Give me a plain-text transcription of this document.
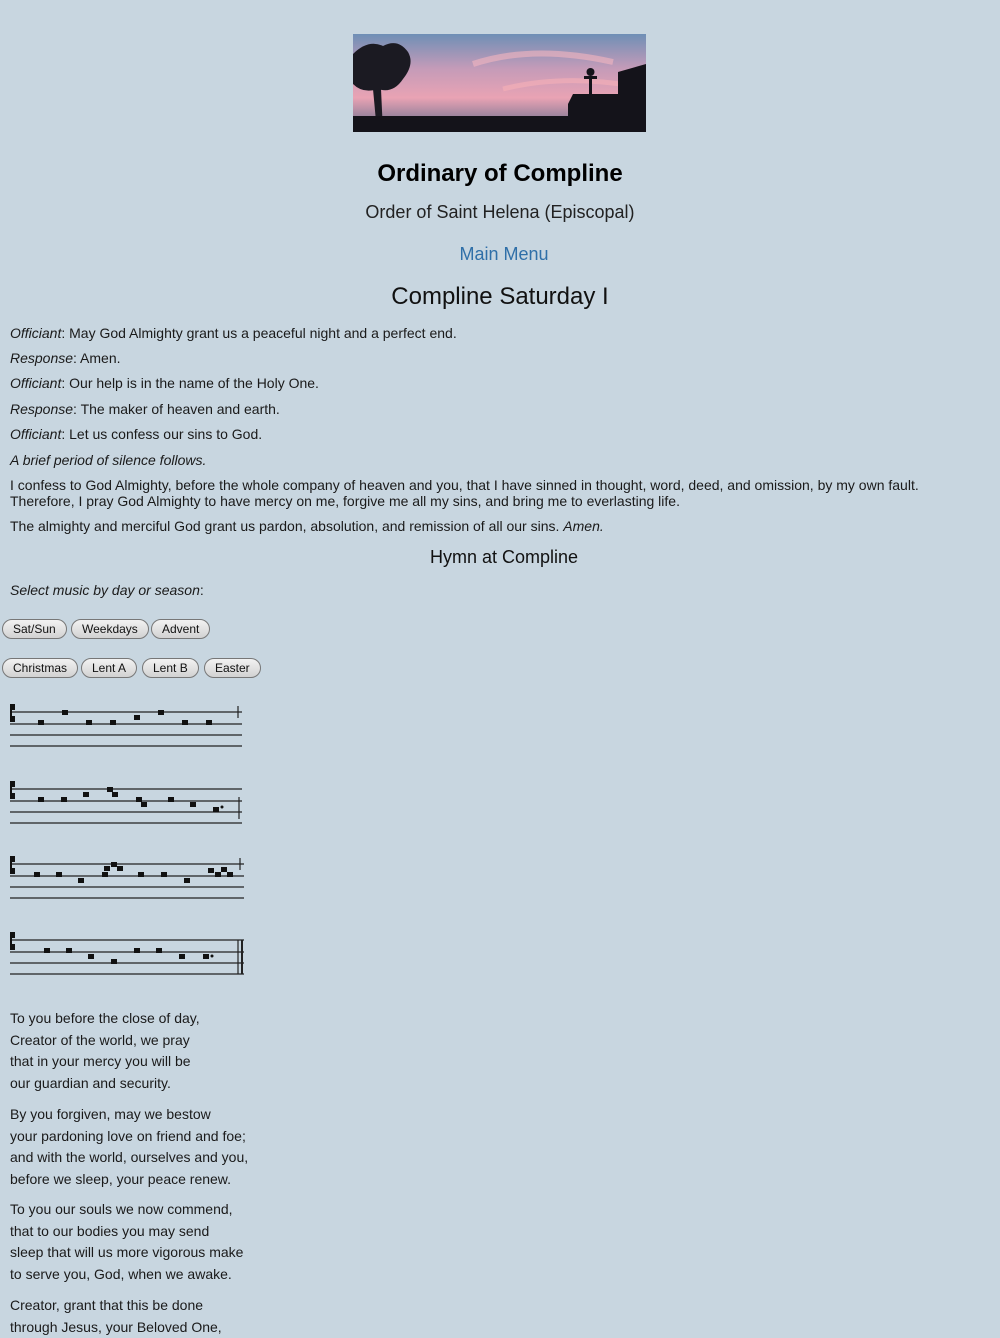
Ordinary of Compline
Order of Saint Helena (Episcopal)
Main Menu
Compline Saturday I
Officiant: May God Almighty grant us a peaceful night and a perfect end.
Response: Amen.
Officiant: Our help is in the name of the Holy One.
Response: The maker of heaven and earth.
Officiant: Let us confess our sins to God.
A brief period of silence follows.
I confess to God Almighty, before the whole company of heaven and you, that I have sinned in thought, word, deed, and omission, by my own fault. Therefore, I pray God Almighty to have mercy on me, forgive me all my sins, and bring me to everlasting life.
The almighty and merciful God grant us pardon, absolution, and remission of all our sins. Amen.
Hymn at Compline
Select music by day or season:
Sat/Sun	Weekdays	Advent
Christmas	Lent A	Lent B	Easter
To you before the close of day,
Creator of the world, we pray
that in your mercy you will be
our guardian and security.
By you forgiven, may we bestow
your pardoning love on friend and foe;
and with the world, ourselves and you,
before we sleep, your peace renew.
To you our souls we now commend,
that to our bodies you may send
sleep that will us more vigorous make
to serve you, God, when we awake.
Creator, grant that this be done
through Jesus, your Beloved One,
